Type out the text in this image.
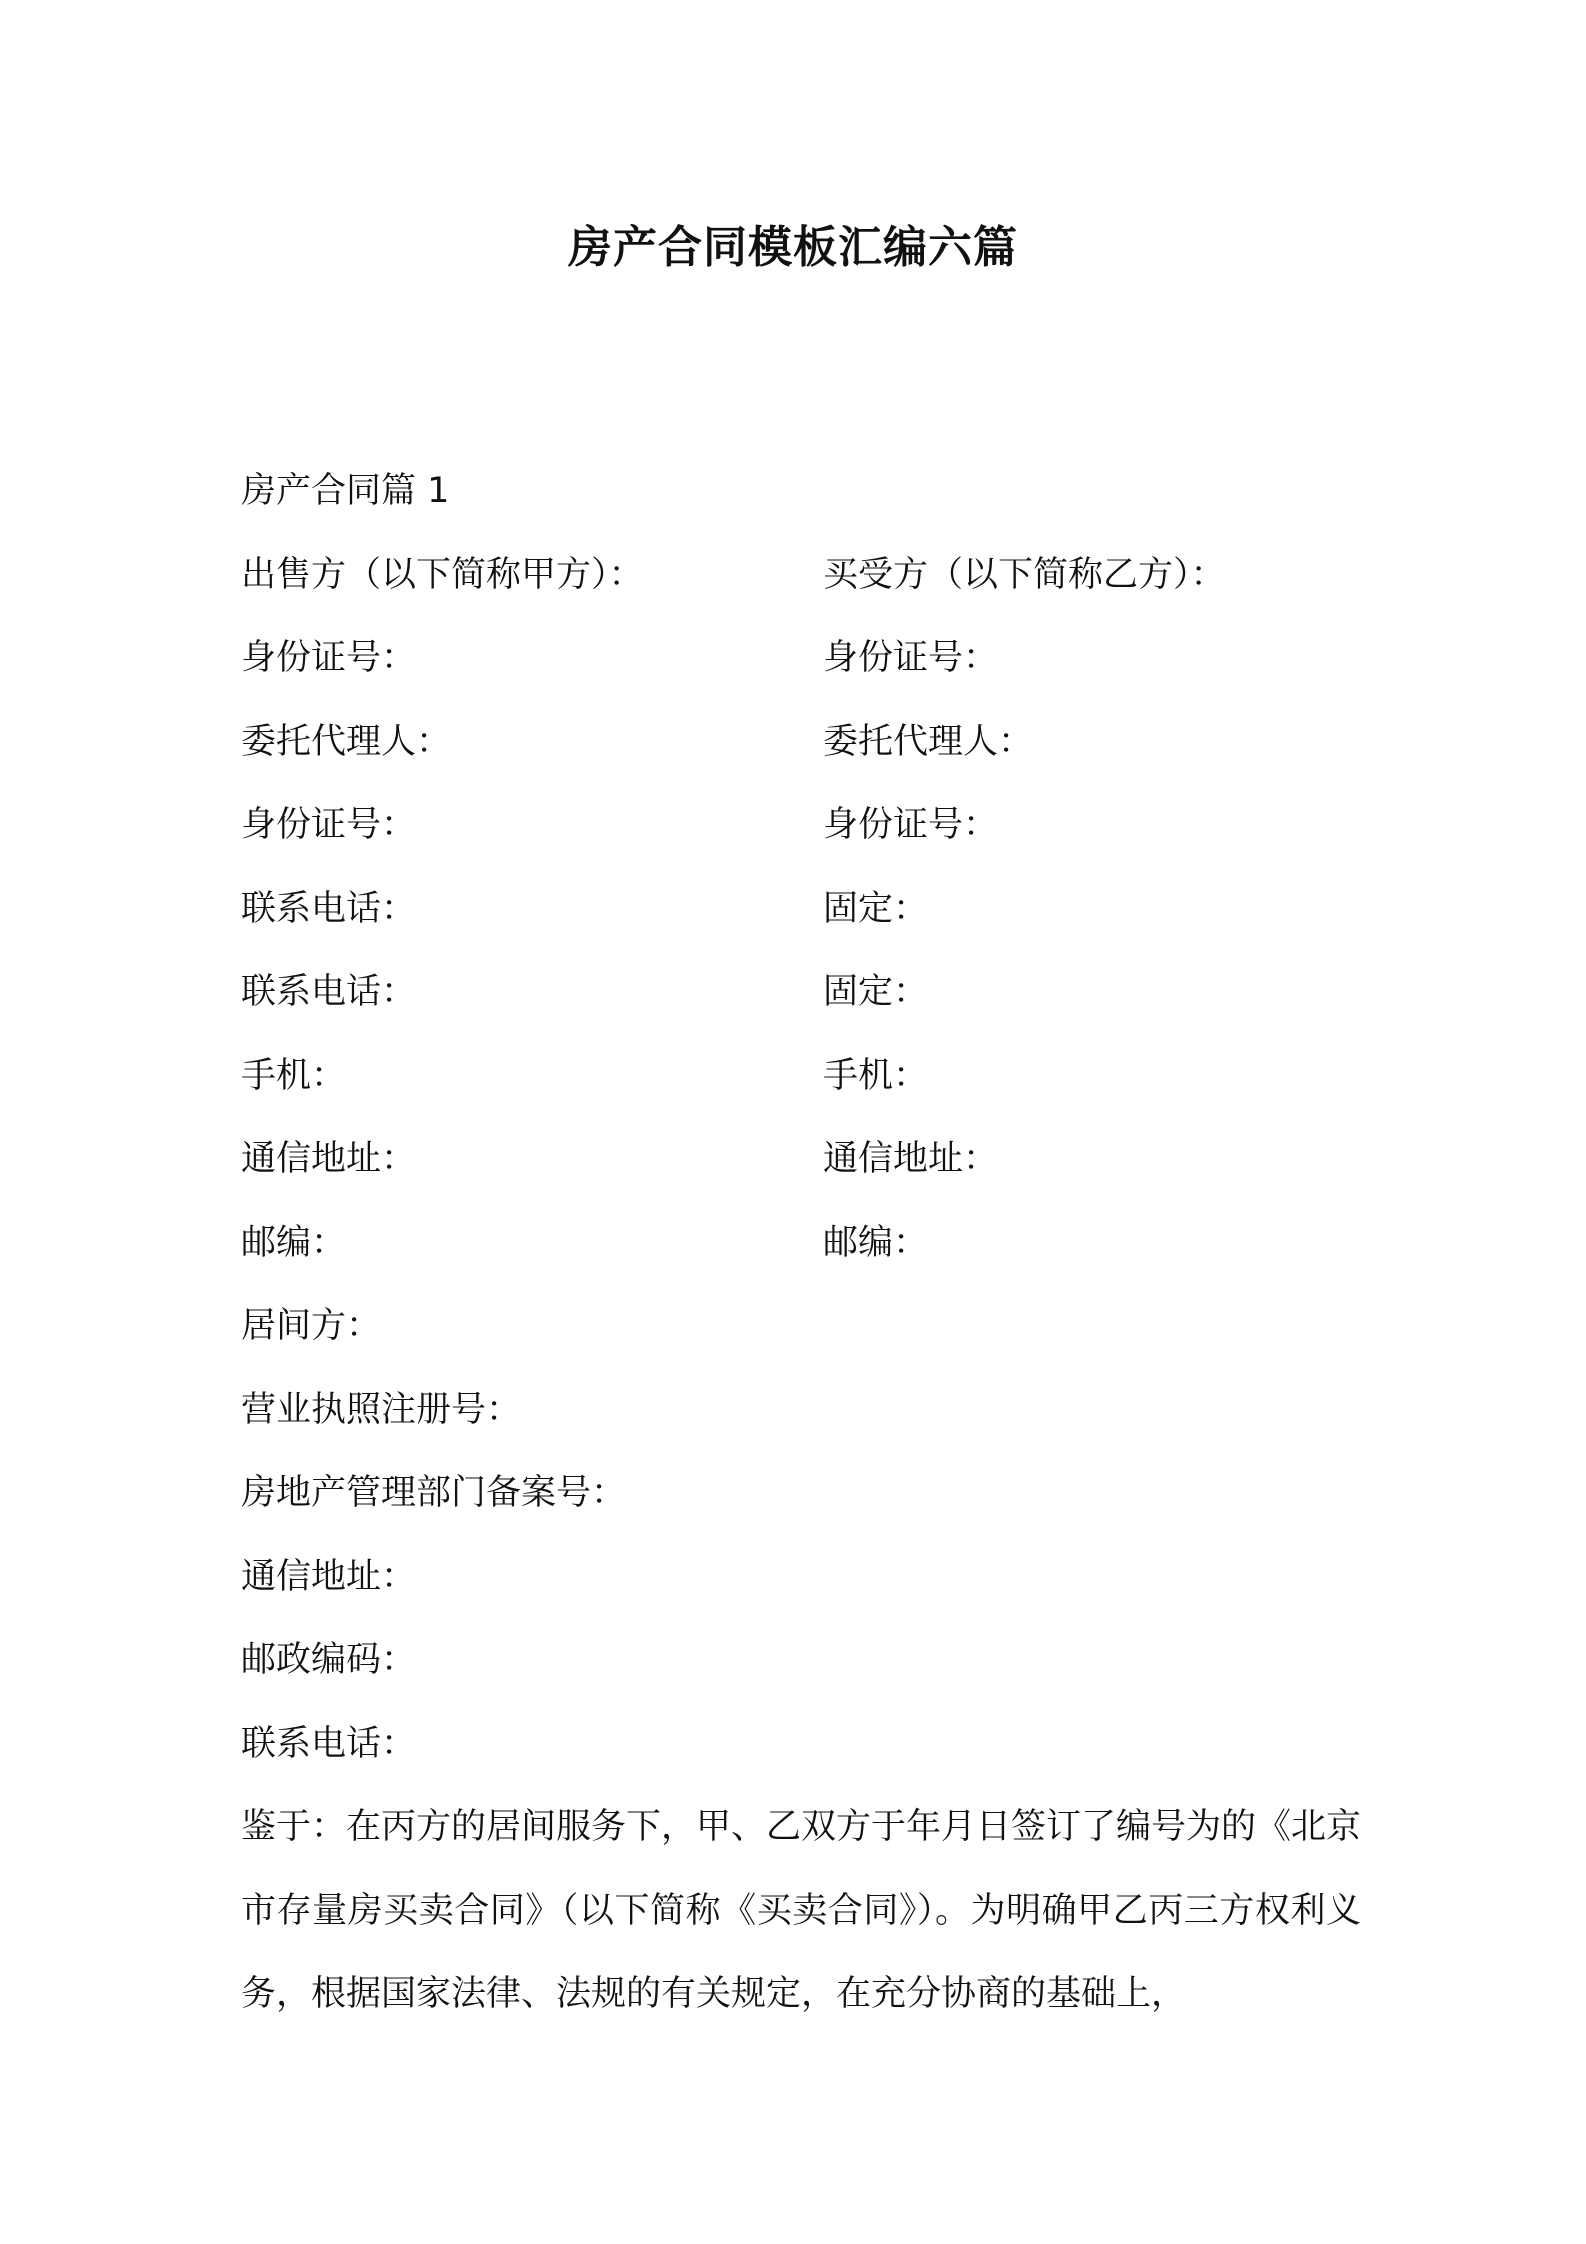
房产合同模板汇编六篇
房产合同篇 1
出售方（以下简称甲方）：	买受方（以下简称乙方）：
身份证号：	身份证号：
委托代理人：	委托代理人：
身份证号：	身份证号：
联系电话：	固定：
联系电话：	固定：
手机：	手机：
通信地址：	通信地址：
邮编：	邮编：
居间方：
营业执照注册号：
房地产管理部门备案号：
通信地址：
邮政编码：
联系电话：

鉴于：在丙方的居间服务下，甲、乙双方于年月日签订了编号为的《北京市存量房买卖合同》（以下简称《买卖合同》）。为明确甲乙丙三方权利义务，根据国家法律、法规的有关规定，在充分协商的基础上，
